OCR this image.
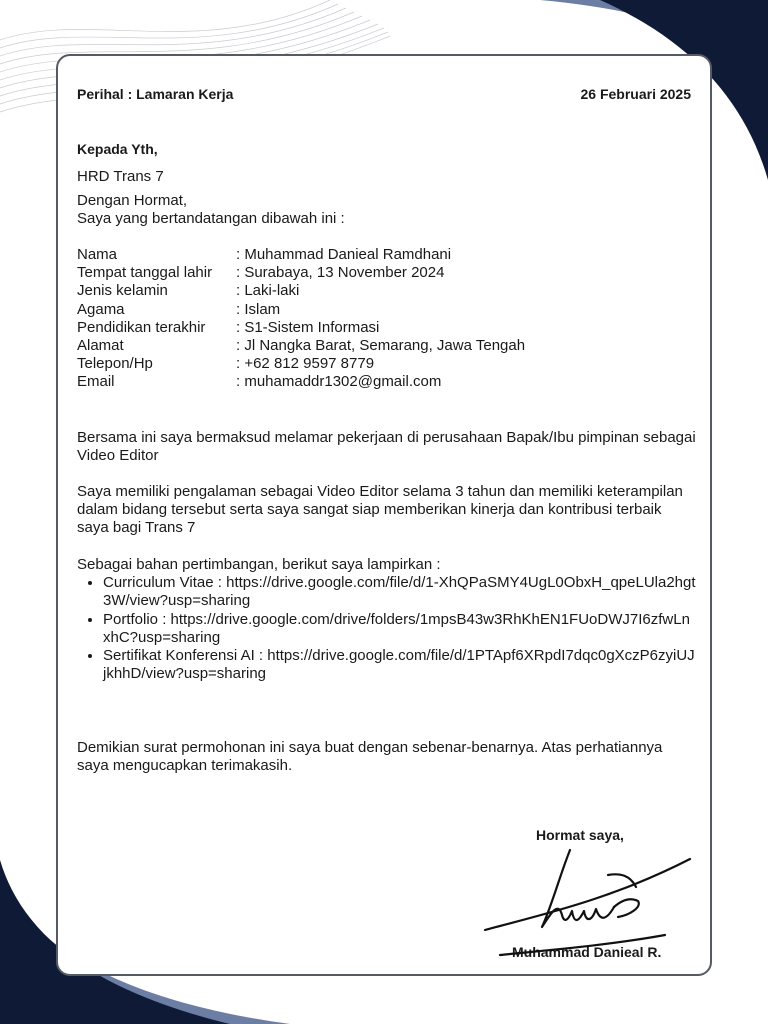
Perihal : Lamaran Kerja	26 Februari 2025
Kepada Yth,
HRD Trans 7
Dengan Hormat,
Saya yang bertandatangan dibawah ini :
Nama	: Muhammad Danieal Ramdhani
Tempat tanggal lahir	: Surabaya, 13 November 2024
Jenis kelamin	: Laki-laki
Agama	: Islam
Pendidikan terakhir	: S1-Sistem Informasi
Alamat	: Jl Nangka Barat, Semarang, Jawa Tengah
Telepon/Hp	: +62 812 9597 8779
Email	: muhamaddr1302@gmail.com
Bersama ini saya bermaksud melamar pekerjaan di perusahaan Bapak/Ibu pimpinan sebagai Video Editor
Saya memiliki pengalaman sebagai Video Editor selama 3 tahun dan memiliki keterampilan dalam bidang tersebut serta saya sangat siap memberikan kinerja dan kontribusi terbaik saya bagi Trans 7
Sebagai bahan pertimbangan, berikut saya lampirkan :
• Curriculum Vitae : https://drive.google.com/file/d/1-XhQPaSMY4UgL0ObxH_qpeLUla2hgt3W/view?usp=sharing
• Portfolio : https://drive.google.com/drive/folders/1mpsB43w3RhKhEN1FUoDWJ7I6zfwLnxhC?usp=sharing
• Sertifikat Konferensi AI : https://drive.google.com/file/d/1PTApf6XRpdI7dqc0gXczP6zyiUJjkhhD/view?usp=sharing
Demikian surat permohonan ini saya buat dengan sebenar-benarnya. Atas perhatiannya saya mengucapkan terimakasih.
Hormat saya,
Muhammad Danieal R.
